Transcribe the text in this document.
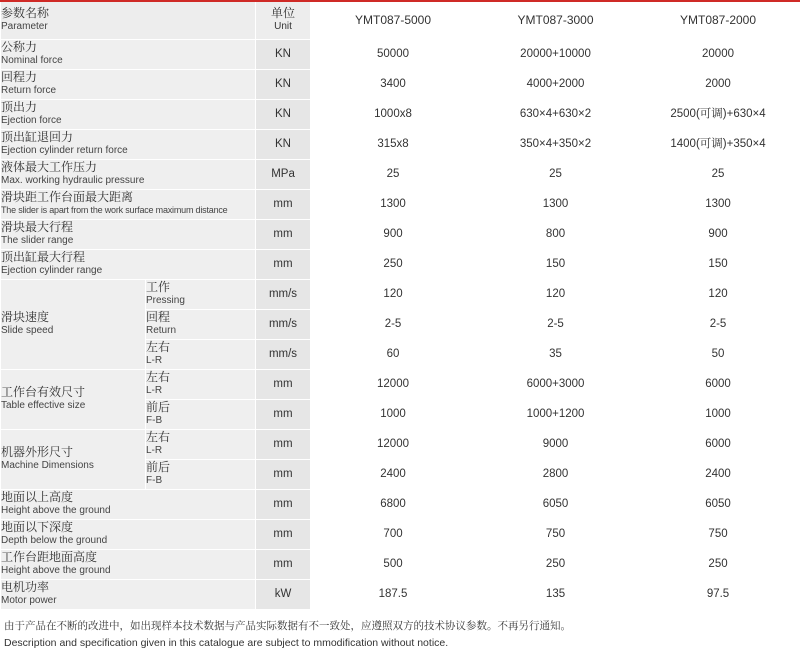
参数名称
Parameter		单位
Unit	YMT087-5000	YMT087-3000	YMT087-2000

公称力
Nominal force		KN	50000	20000+10000	20000

回程力
Return force		KN	3400	4000+2000	2000

顶出力
Ejection force		KN	1000x8	630×4+630×2	2500(可调)+630×4

顶出缸退回力
Ejection cylinder return force		KN	315x8	350×4+350×2	1400(可调)+350×4

液体最大工作压力
Max. working hydraulic pressure		MPa	25	25	25

滑块距工作台面最大距离
The slider is apart from the work surface maximum distance		mm	1300	1300	1300

滑块最大行程
The slider range		mm	900	800	900

顶出缸最大行程
Ejection cylinder range		mm	250	150	150

滑块速度
Slide speed	工作
Pressing	mm/s	120	120	120

	回程
Return	mm/s	2-5	2-5	2-5

	左右
L-R	mm/s	60	35	50

工作台有效尺寸
Table effective size	左右
L-R	mm	12000	6000+3000	6000

	前后
F-B	mm	1000	1000+1200	1000

机器外形尺寸
Machine Dimensions	左右
L-R	mm	12000	9000	6000

	前后
F-B	mm	2400	2800	2400

地面以上高度
Height above the ground		mm	6800	6050	6050

地面以下深度
Depth below the ground		mm	700	750	750

工作台距地面高度
Height above the ground		mm	500	250	250

电机功率
Motor power		kW	187.5	135	97.5
由于产品在不断的改进中，如出现样本技术数据与产品实际数据有不一致处，应遵照双方的技术协议参数。不再另行通知。
Description and specification given in this catalogue are subject to mmodification without notice.
